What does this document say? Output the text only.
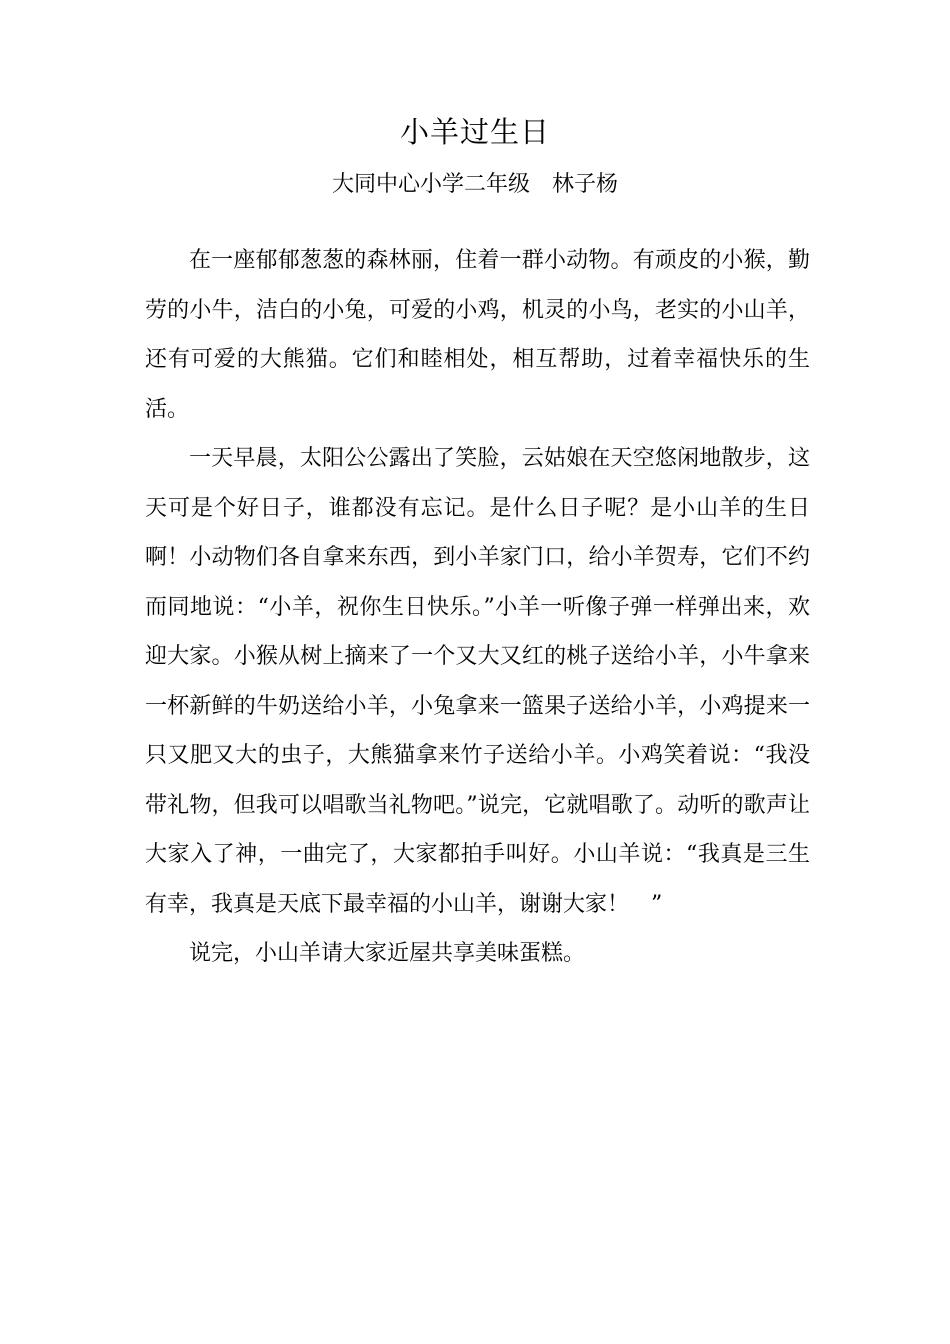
小羊过生日
大同中心小学二年级　林子杨

在一座郁郁葱葱的森林丽，住着一群小动物。有顽皮的小猴，勤劳的小牛，洁白的小兔，可爱的小鸡，机灵的小鸟，老实的小山羊，还有可爱的大熊猫。它们和睦相处，相互帮助，过着幸福快乐的生活。

一天早晨，太阳公公露出了笑脸，云姑娘在天空悠闲地散步，这天可是个好日子，谁都没有忘记。是什么日子呢？是小山羊的生日啊！小动物们各自拿来东西，到小羊家门口，给小羊贺寿，它们不约而同地说：“小羊，祝你生日快乐。”小羊一听像子弹一样弹出来，欢迎大家。小猴从树上摘来了一个又大又红的桃子送给小羊，小牛拿来一杯新鲜的牛奶送给小羊，小兔拿来一篮果子送给小羊，小鸡提来一只又肥又大的虫子，大熊猫拿来竹子送给小羊。小鸡笑着说：“我没带礼物，但我可以唱歌当礼物吧。”说完，它就唱歌了。动听的歌声让大家入了神，一曲完了，大家都拍手叫好。小山羊说：“我真是三生有幸，我真是天底下最幸福的小山羊，谢谢大家！　”

说完，小山羊请大家近屋共享美味蛋糕。
